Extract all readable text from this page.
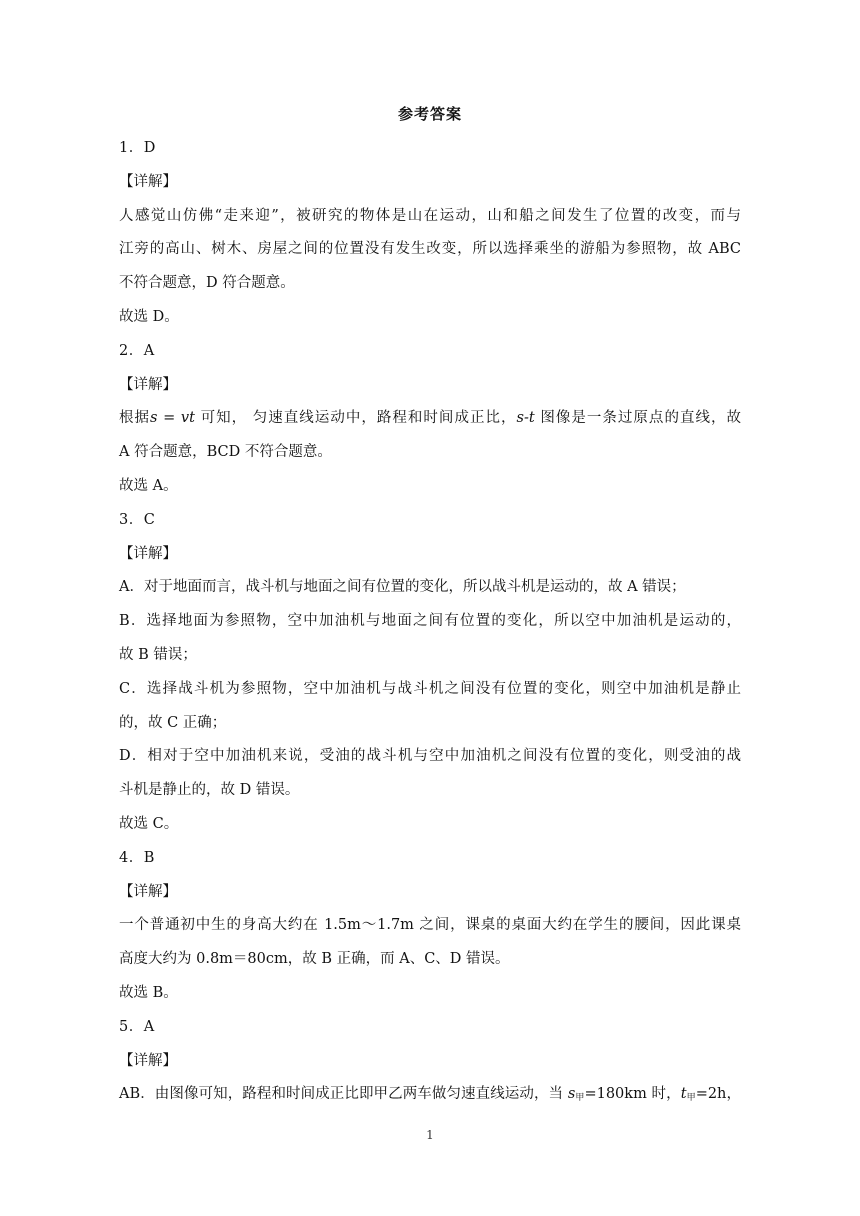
参考答案

1．D

【详解】

人感觉山仿佛“走来迎”，被研究的物体是山在运动，山和船之间发生了位置的改变，而与

江旁的高山、树木、房屋之间的位置没有发生改变，所以选择乘坐的游船为参照物，故 ABC

不符合题意，D 符合题意。

故选 D。

2．A

【详解】

根据s = vt 可知， 匀速直线运动中，路程和时间成正比，s-t 图像是一条过原点的直线，故

A 符合题意，BCD 不符合题意。

故选 A。

3．C

【详解】

A．对于地面而言，战斗机与地面之间有位置的变化，所以战斗机是运动的，故 A 错误；

B．选择地面为参照物，空中加油机与地面之间有位置的变化，所以空中加油机是运动的，

故 B 错误；

C．选择战斗机为参照物，空中加油机与战斗机之间没有位置的变化，则空中加油机是静止

的，故 C 正确；

D．相对于空中加油机来说，受油的战斗机与空中加油机之间没有位置的变化，则受油的战

斗机是静止的，故 D 错误。

故选 C。

4．B

【详解】

一个普通初中生的身高大约在 1.5m～1.7m 之间，课桌的桌面大约在学生的腰间，因此课桌

高度大约为 0.8m＝80cm，故 B 正确，而 A、C、D 错误。

故选 B。

5．A

【详解】

AB．由图像可知，路程和时间成正比即甲乙两车做匀速直线运动，当 $s_甲=180km$ 时，$t_甲=2h$，

1
